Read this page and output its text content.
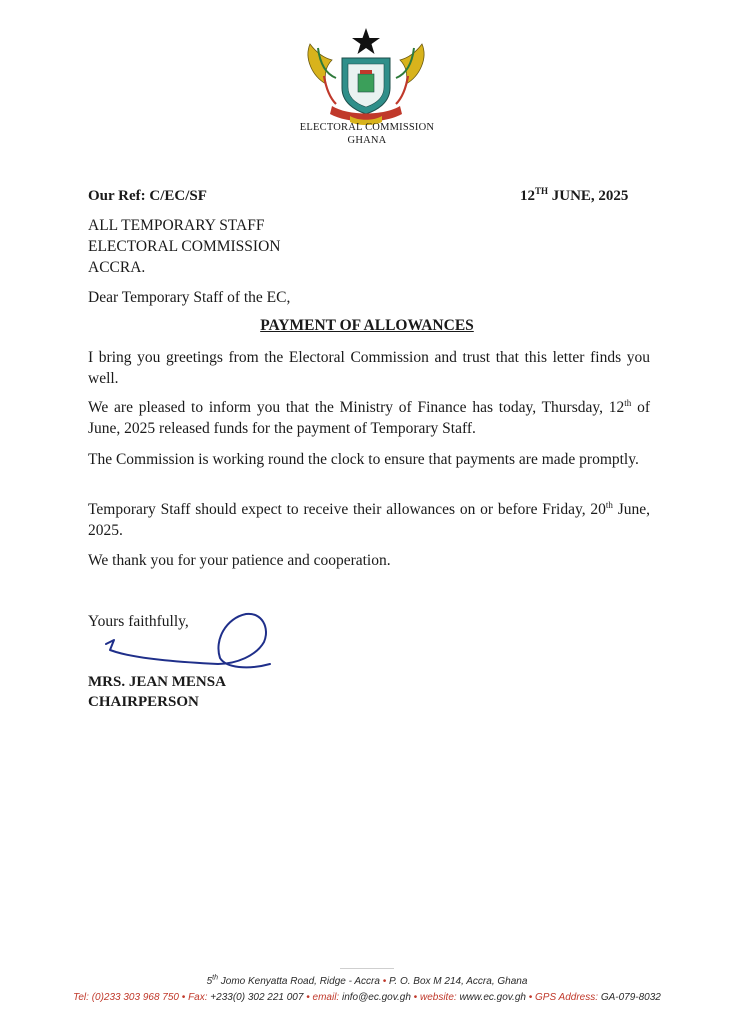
ELECTORAL COMMISSION
GHANA
Our Ref: C/EC/SF	12TH JUNE, 2025
ALL TEMPORARY STAFF
ELECTORAL COMMISSION
ACCRA.
Dear Temporary Staff of the EC,
PAYMENT OF ALLOWANCES
I bring you greetings from the Electoral Commission and trust that this letter finds you well.
We are pleased to inform you that the Ministry of Finance has today, Thursday, 12th of June, 2025 released funds for the payment of Temporary Staff.
The Commission is working round the clock to ensure that payments are made promptly.
Temporary Staff should expect to receive their allowances on or before Friday, 20th June, 2025.
We thank you for your patience and cooperation.
Yours faithfully,
MRS. JEAN MENSA
CHAIRPERSON
5th Jomo Kenyatta Road, Ridge - Accra • P. O. Box M 214, Accra, Ghana
Tel: (0)233 303 968 750 • Fax: +233(0) 302 221 007 • email: info@ec.gov.gh • website: www.ec.gov.gh • GPS Address: GA-079-8032
